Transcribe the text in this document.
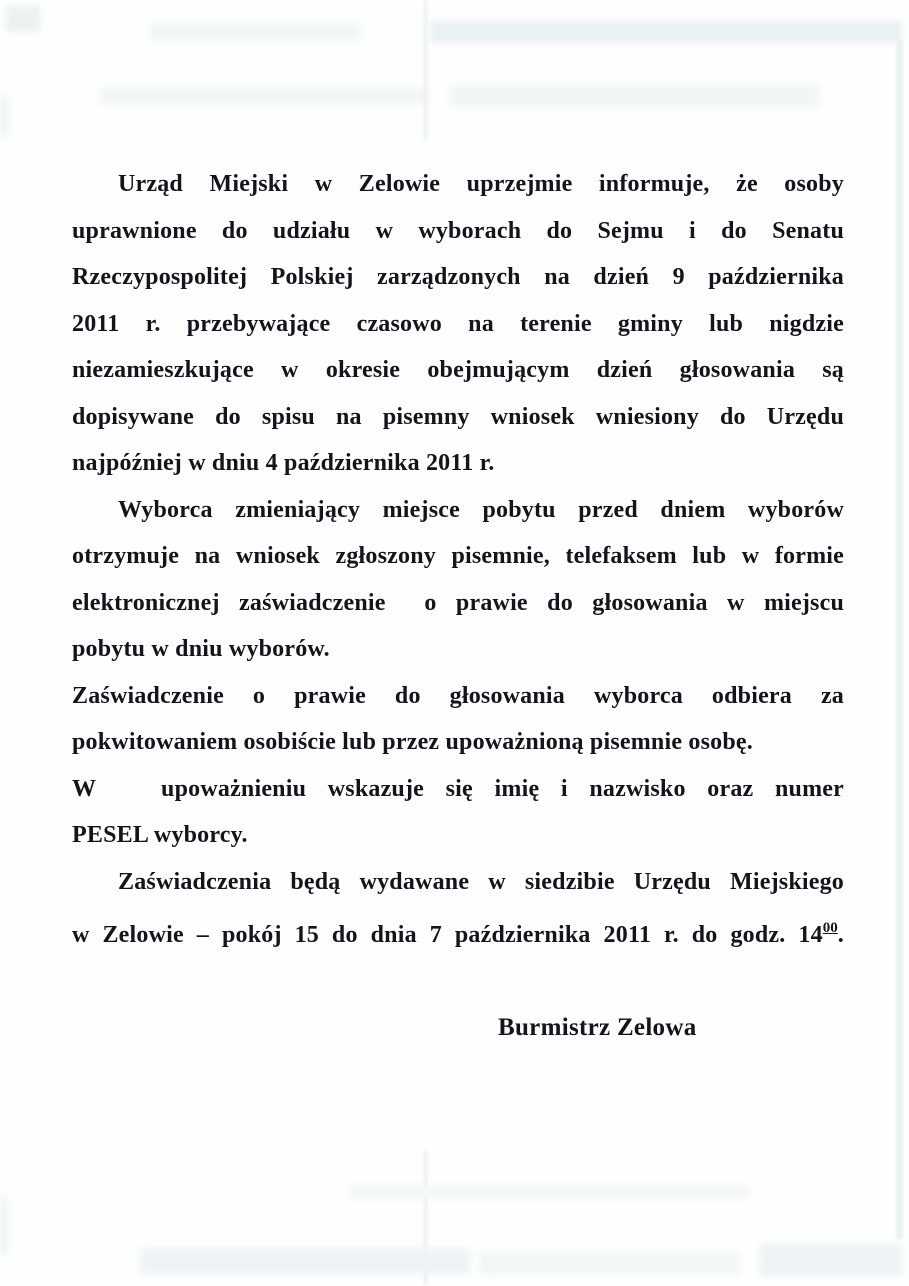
Urząd Miejski w Zelowie uprzejmie informuje, że osoby
uprawnione do udziału w wyborach do Sejmu i do Senatu
Rzeczypospolitej Polskiej zarządzonych na dzień 9 października
2011 r. przebywające czasowo na terenie gminy lub nigdzie
niezamieszkujące w okresie obejmującym dzień głosowania są
dopisywane do spisu na pisemny wniosek wniesiony do Urzędu
najpóźniej w dniu 4 października 2011 r.
Wyborca zmieniający miejsce pobytu przed dniem wyborów
otrzymuje na wniosek zgłoszony pisemnie, telefaksem lub w formie
elektronicznej zaświadczenie  o prawie do głosowania w miejscu
pobytu w dniu wyborów.
Zaświadczenie o prawie do głosowania wyborca odbiera za
pokwitowaniem osobiście lub przez upoważnioną pisemnie osobę.
W   upoważnieniu wskazuje się imię i nazwisko oraz numer
PESEL wyborcy.
Zaświadczenia będą wydawane w siedzibie Urzędu Miejskiego
w Zelowie – pokój 15 do dnia 7 października 2011 r. do godz. $14^{00}$.
Burmistrz Zelowa
